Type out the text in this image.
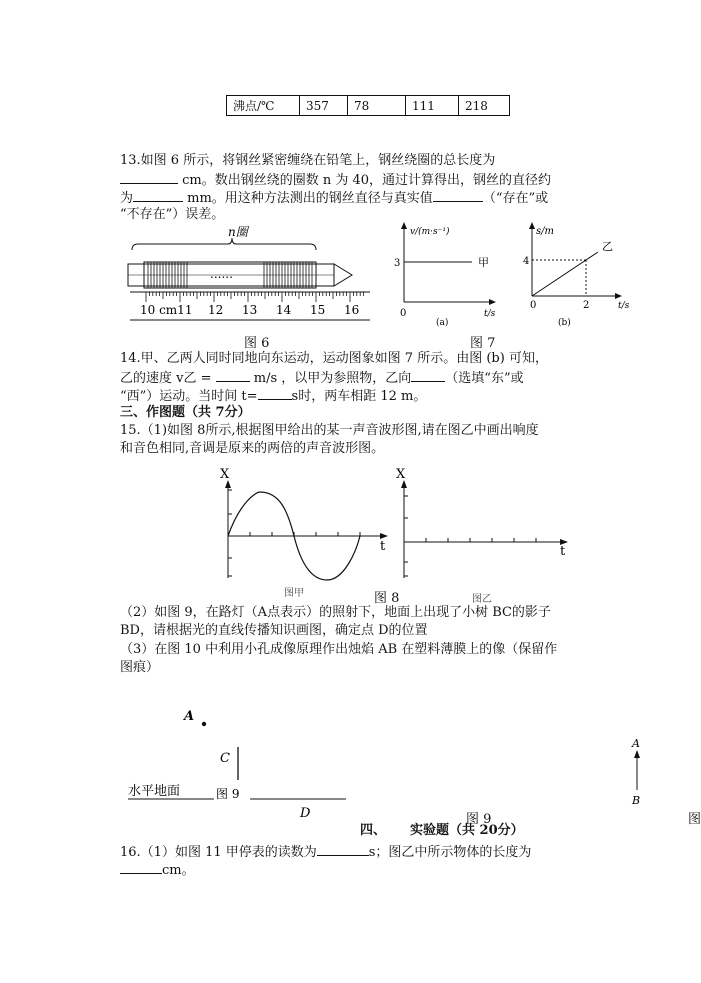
沸点/℃	357	78	111	218
13.如图 6 所示，将钢丝紧密缠绕在铅笔上，钢丝绕圈的总长度为
cm。数出钢丝绕的圈数 n 为 40，通过计算得出，钢丝的直径约
为	mm。用这种方法测出的钢丝直径与真实值	（“存在”或
“不存在”）误差。
n圈
......
10 cm11 12 13 14 15 16
图 6
v/(m·s⁻¹)
3	甲
0	t/s
(a)
s/m
4
乙
2
0	t/s
(b)
图 7
14.甲、乙两人同时同地向东运动，运动图象如图 7 所示。由图 (b) 可知，
乙的速度 v乙 =	m/s ，以甲为参照物，乙向	（选填“东”或
“西”）运动。当时间 t=	s时，两车相距 12 m。
三、作图题（共 7分）
15.（1)如图 8所示,根据图甲给出的某一声音波形图,请在图乙中画出响度
和音色相同,音调是原来的两倍的声音波形图。
X
t
图甲
X
t
图乙
图 8
（2）如图 9，在路灯（A点表示）的照射下，地面上出现了小树 BC的影子
BD，请根据光的直线传播知识画图，确定点 D的位置
（3）在图 10 中利用小孔成像原理作出烛焰 AB 在塑料薄膜上的像（保留作
图痕）
A
C
水平地面	图 9
D	图 9
A
B
图
四、 实验题（共 20分）
16.（1）如图 11 甲停表的读数为	s；图乙中所示物体的长度为
cm。
